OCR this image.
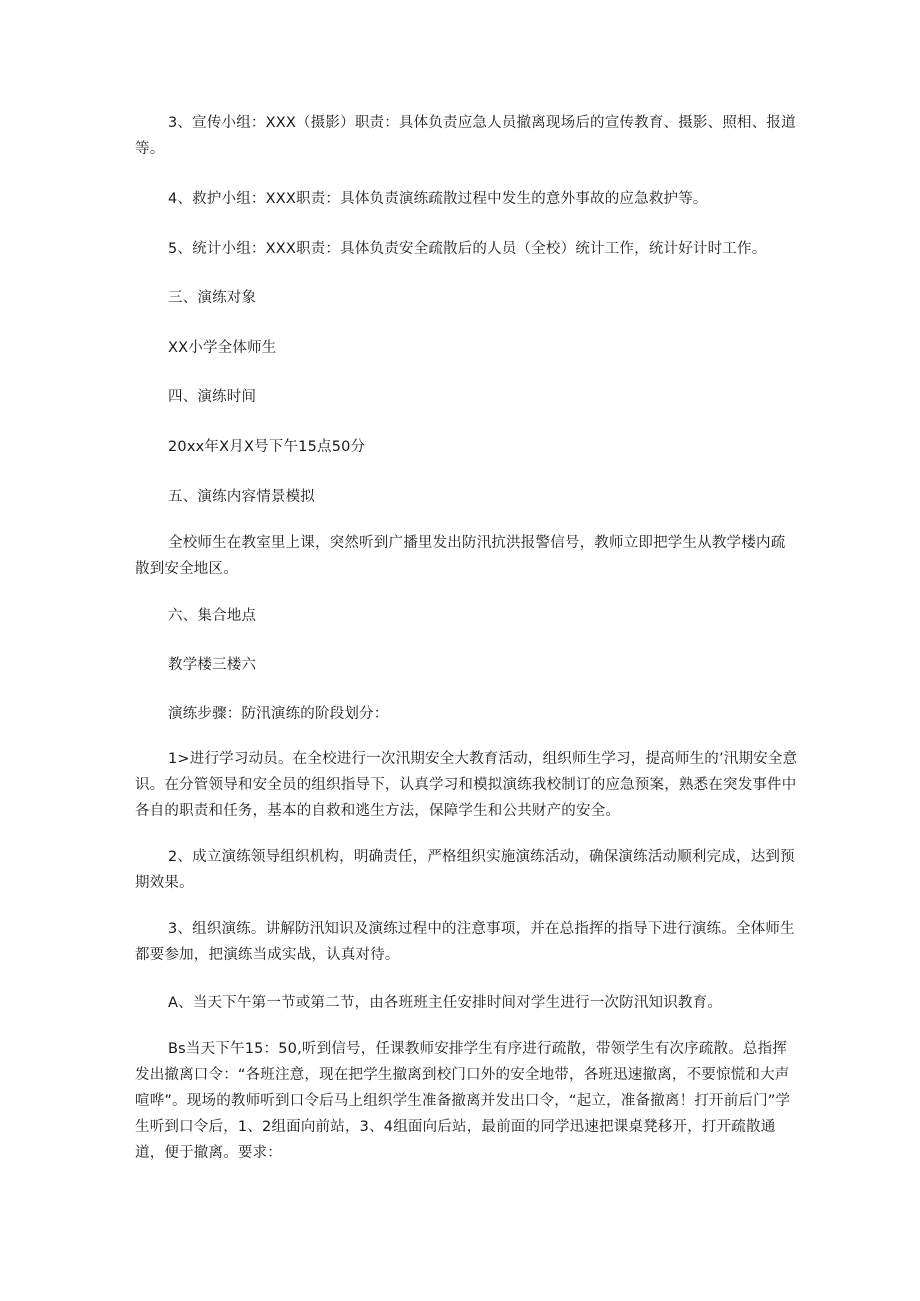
3、宣传小组：XXX（摄影）职责：具体负责应急人员撤离现场后的宣传教育、摄影、照相、报道等。

4、救护小组：XXX职责：具体负责演练疏散过程中发生的意外事故的应急救护等。

5、统计小组：XXX职责：具体负责安全疏散后的人员（全校）统计工作，统计好计时工作。

三、演练对象

XX小学全体师生

四、演练时间

20xx年X月X号下午15点50分

五、演练内容情景模拟

全校师生在教室里上课，突然听到广播里发出防汛抗洪报警信号，教师立即把学生从教学楼内疏散到安全地区。

六、集合地点

教学楼三楼六

演练步骤：防汛演练的阶段划分：

1>进行学习动员。在全校进行一次汛期安全大教育活动，组织师生学习，提高师生的’汛期安全意识。在分管领导和安全员的组织指导下，认真学习和模拟演练我校制订的应急预案，熟悉在突发事件中各自的职责和任务，基本的自救和逃生方法，保障学生和公共财产的安全。

2、成立演练领导组织机构，明确责任，严格组织实施演练活动，确保演练活动顺利完成，达到预期效果。

3、组织演练。讲解防汛知识及演练过程中的注意事项，并在总指挥的指导下进行演练。全体师生都要参加，把演练当成实战，认真对待。

A、当天下午第一节或第二节，由各班班主任安排时间对学生进行一次防汛知识教育。

Bs当天下午15：50,听到信号，任课教师安排学生有序进行疏散，带领学生有次序疏散。总指挥发出撤离口令：“各班注意，现在把学生撤离到校门口外的安全地带，各班迅速撤离，不要惊慌和大声喧哗”。现场的教师听到口令后马上组织学生准备撤离并发出口令，“起立，准备撤离！打开前后门”学生听到口令后，1、2组面向前站，3、4组面向后站，最前面的同学迅速把课桌凳移开，打开疏散通道，便于撤离。要求：
